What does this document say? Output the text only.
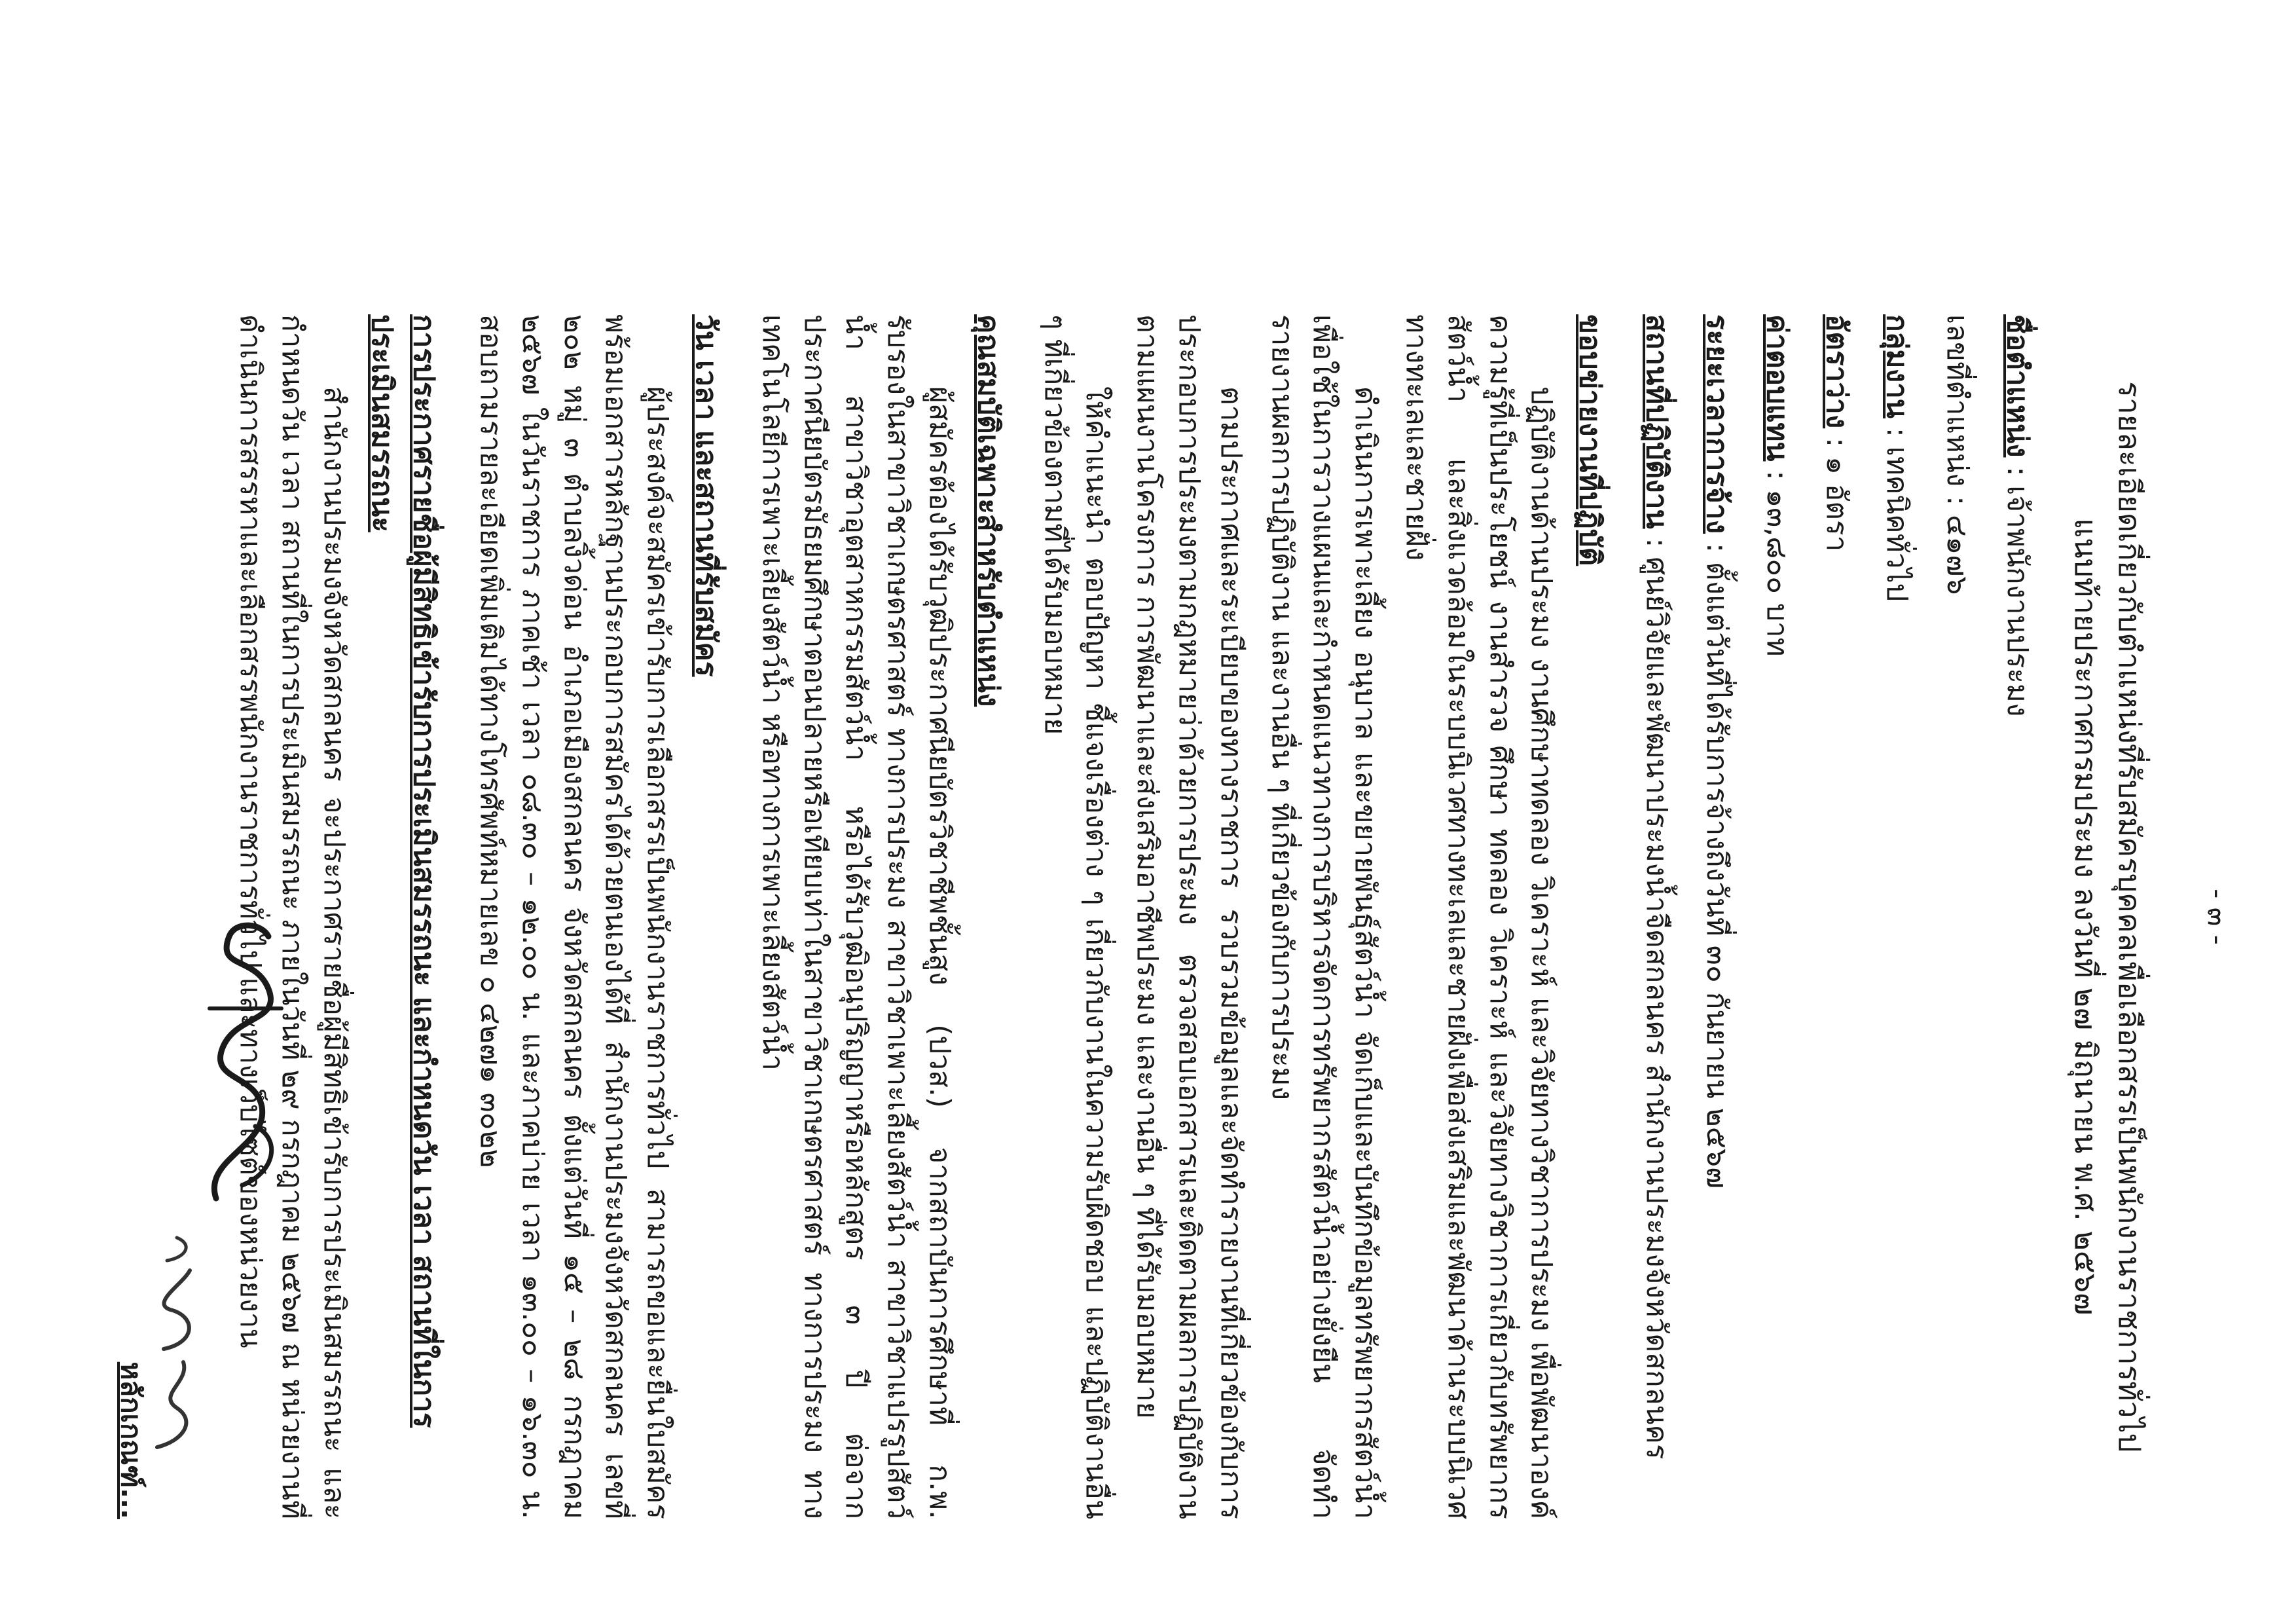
- ๓ -

รายละเอียดเกี่ยวกับตำแหน่งที่รับสมัครบุคคลเพื่อเลือกสรรเป็นพนักงานราชการทั่วไป

แนบท้ายประกาศกรมประมง ลงวันที่ ๒๗ มิถุนายน พ.ศ. ๒๕๖๗

ชื่อตำแหน่ง : เจ้าพนักงานประมง
เลขที่ตำแหน่ง : ๔๑๗๖
กลุ่มงาน : เทคนิคทั่วไป
อัตราว่าง : ๑ อัตรา
ค่าตอบแทน : ๑๓,๘๐๐ บาท
ระยะเวลาการจ้าง : ตั้งแต่วันที่ได้รับการจ้างถึงวันที่ ๓๐ กันยายน ๒๕๖๗
สถานที่ปฏิบัติงาน : ศูนย์วิจัยและพัฒนาประมงน้ำจืดสกลนคร สำนักงานประมงจังหวัดสกลนคร
ขอบข่ายงานที่ปฏิบัติ

ปฏิบัติงานด้านประมง งานศึกษาทดลอง วิเคราะห์ และวิจัยทางวิชาการประมง เพื่อพัฒนาองค์ความรู้ที่เป็นประโยชน์ งานสำรวจ ศึกษา ทดลอง วิเคราะห์ และวิจัยทางวิชาการเกี่ยวกับทรัพยากรสัตว์น้ำ และสิ่งแวดล้อมในระบบนิเวศทางทะเลและชายฝั่งเพื่อส่งเสริมและพัฒนาด้านระบบนิเวศทางทะเลและชายฝั่ง

ดำเนินการเพาะเลี้ยง อนุบาล และขยายพันธุ์สัตว์น้ำ จัดเก็บและบันทึกข้อมูลทรัพยากรสัตว์น้ำ เพื่อใช้ในการวางแผนและกำหนดแนวทางการบริหารจัดการทรัพยากรสัตว์น้ำอย่างยั่งยืน จัดทำรายงานผลการปฏิบัติงาน และงานอื่น ๆ ที่เกี่ยวข้องกับการประมง

ตามประกาศและระเบียบของทางราชการ รวบรวมข้อมูลและจัดทำรายงานที่เกี่ยวข้องกับการประกอบการประมงตามกฎหมายว่าด้วยการประมง ตรวจสอบเอกสารและติดตามผลการปฏิบัติงานตามแผนงานโครงการ การพัฒนาและส่งเสริมอาชีพประมง และงานอื่น ๆ ที่ได้รับมอบหมาย

ให้คำแนะนำ ตอบปัญหา ชี้แจงเรื่องต่าง ๆ เกี่ยวกับงานในความรับผิดชอบ และปฏิบัติงานอื่น ๆ ที่เกี่ยวข้องตามที่ได้รับมอบหมาย

คุณสมบัติเฉพาะสำหรับตำแหน่ง

ผู้สมัครต้องได้รับวุฒิประกาศนียบัตรวิชาชีพชั้นสูง (ปวส.) จากสถาบันการศึกษาที่ ก.พ. รับรองในสาขาวิชาเกษตรศาสตร์ ทางการประมง สาขาวิชาเพาะเลี้ยงสัตว์น้ำ สาขาวิชาแปรรูปสัตว์น้ำ สาขาวิชาอุตสาหกรรมสัตว์น้ำ หรือได้รับวุฒิอนุปริญญาหรือหลักสูตร ๓ ปี ต่อจากประกาศนียบัตรมัธยมศึกษาตอนปลายหรือเทียบเท่าในสาขาวิชาเกษตรศาสตร์ ทางการประมง ทางเทคโนโลยีการเพาะเลี้ยงสัตว์น้ำ หรือทางการเพาะเลี้ยงสัตว์น้ำ

วัน เวลา และสถานที่รับสมัคร

ผู้ประสงค์จะสมัครเข้ารับการเลือกสรรเป็นพนักงานราชการทั่วไป สามารถขอและยื่นใบสมัครพร้อมเอกสารหลักฐานประกอบการสมัครได้ด้วยตนเองได้ที่ สำนักงานประมงจังหวัดสกลนคร เลขที่ ๒๐๒ หมู่ ๓ ตำบลงิ้วด่อน อำเภอเมืองสกลนคร จังหวัดสกลนคร ตั้งแต่วันที่ ๑๕ – ๒๘ กรกฎาคม ๒๕๖๗ ในวันราชการ ภาคเช้า เวลา ๐๘.๓๐ – ๑๒.๐๐ น. และภาคบ่าย เวลา ๑๓.๐๐ – ๑๖.๓๐ น. สอบถามรายละเอียดเพิ่มเติมได้ทางโทรศัพท์หมายเลข ๐ ๔๒๗๑ ๓๐๒๒

การประกาศรายชื่อผู้มีสิทธิเข้ารับการประเมินสมรรถนะ และกำหนดวัน เวลา สถานที่ในการประเมินสมรรถนะ

สำนักงานประมงจังหวัดสกลนคร จะประกาศรายชื่อผู้มีสิทธิเข้ารับการประเมินสมรรถนะ และกำหนดวัน เวลา สถานที่ในการประเมินสมรรถนะ ภายในวันที่ ๒๙ กรกฎาคม ๒๕๖๗ ณ หน่วยงานที่ดำเนินการสรรหาและเลือกสรรพนักงานราชการทั่วไป และทางเว็บไซต์ของหน่วยงาน

หลักเกณฑ์...
